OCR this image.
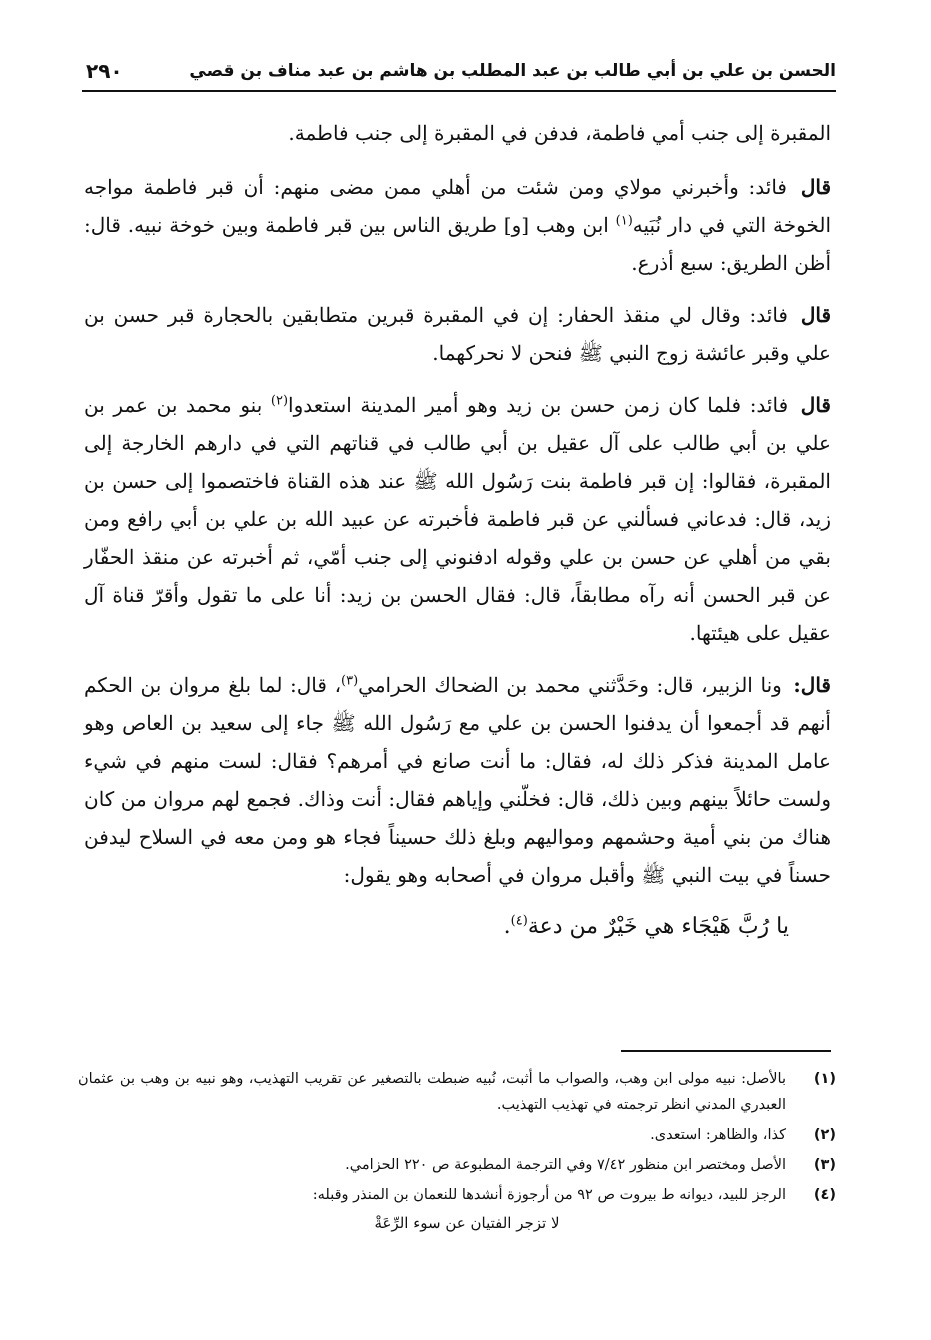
الحسن بن علي بن أبي طالب بن عبد المطلب بن هاشم بن عبد مناف بن قصي
٢٩٠

المقبرة إلى جنب أمي فاطمة، فدفن في المقبرة إلى جنب فاطمة.

قال فائد: وأخبرني مولاي ومن شئت من أهلي ممن مضى منهم: أن قبر فاطمة مواجه الخوخة التي في دار نُبَيه$^{(١)}$ ابن وهب [و] طريق الناس بين قبر فاطمة وبين خوخة نبيه. قال: أظن الطريق: سبع أذرع.

قال فائد: وقال لي منقذ الحفار: إن في المقبرة قبرين متطابقين بالحجارة قبر حسن بن علي وقبر عائشة زوج النبي ﷺ فنحن لا نحركهما.

قال فائد: فلما كان زمن حسن بن زيد وهو أمير المدينة استعدوا$^{(٢)}$ بنو محمد بن عمر بن علي بن أبي طالب على آل عقيل بن أبي طالب في قناتهم التي في دارهم الخارجة إلى المقبرة، فقالوا: إن قبر فاطمة بنت رَسُول الله ﷺ عند هذه القناة فاختصموا إلى حسن بن زيد، قال: فدعاني فسألني عن قبر فاطمة فأخبرته عن عبيد الله بن علي بن أبي رافع ومن بقي من أهلي عن حسن بن علي وقوله ادفنوني إلى جنب أمّي، ثم أخبرته عن منقذ الحفّار عن قبر الحسن أنه رآه مطابقاً، قال: فقال الحسن بن زيد: أنا على ما تقول وأقرّ قناة آل عقيل على هيئتها.

قال: ونا الزبير، قال: وحَدَّثني محمد بن الضحاك الحرامي$^{(٣)}$، قال: لما بلغ مروان بن الحكم أنهم قد أجمعوا أن يدفنوا الحسن بن علي مع رَسُول الله ﷺ جاء إلى سعيد بن العاص وهو عامل المدينة فذكر ذلك له، فقال: ما أنت صانع في أمرهم؟ فقال: لست منهم في شيء ولست حائلاً بينهم وبين ذلك، قال: فخلّني وإياهم فقال: أنت وذاك. فجمع لهم مروان من كان هناك من بني أمية وحشمهم ومواليهم وبلغ ذلك حسيناً فجاء هو ومن معه في السلاح ليدفن حسناً في بيت النبي ﷺ وأقبل مروان في أصحابه وهو يقول:

يا رُبَّ هَيْجَاء هي خَيْرٌ من دعة$^{(٤)}$.
(١)
بالأصل: نبيه مولى ابن وهب، والصواب ما أثبت، نُبيه ضبطت بالتصغير عن تقريب التهذيب، وهو نبيه بن وهب بن عثمان العبدري المدني انظر ترجمته في تهذيب التهذيب.
(٢)
كذا، والظاهر: استعدى.
(٣)
الأصل ومختصر ابن منظور ٧/٤٢ وفي الترجمة المطبوعة ص ٢٢٠ الحزامي.
(٤)
الرجز للبيد، ديوانه ط بيروت ص ٩٢ من أرجوزة أنشدها للنعمان بن المنذر وقبله:
لا تزجر الفتيان عن سوء الرِّعَةْ
